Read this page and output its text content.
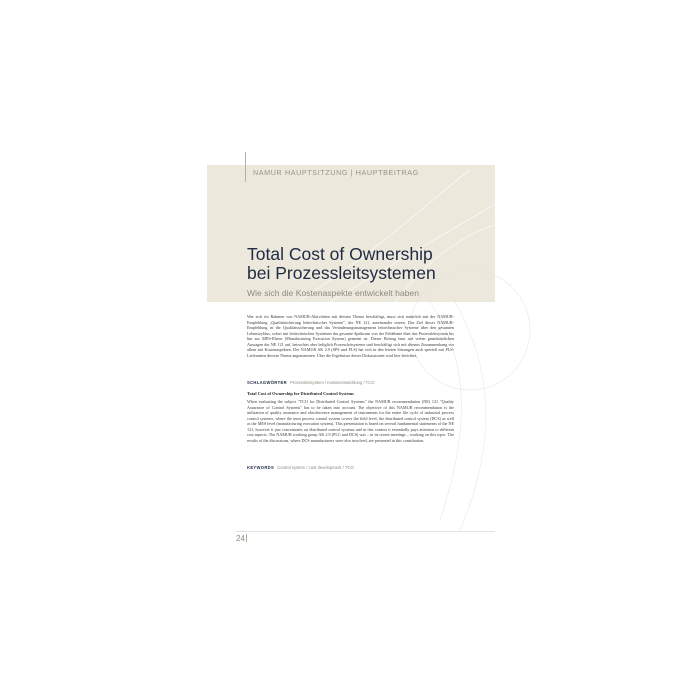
NAMUR HAUPTSITZUNG | HAUPTBEITRAG
Total Cost of Ownership
bei Prozessleitsystemen

Wie sich die Kostenaspekte entwickelt haben

Wer sich im Rahmen von NAMUR-Aktivitäten mit diesem Thema beschäftigt, muss sich natürlich mit der NAMUR-Empfehlung „Qualitätsicherung leittechnischer Systeme", der NE 121, auseinander setzen. Das Ziel dieser NAMUR-Empfehlung ist die Qualitätssicherung und das Veränderungsmanagement leittechnischer Systeme über den gesamten Lebenszyklus, sofort mit leittechnischen Systemen das gesamte Spektrum von der Feldebene über das Prozessleitsystem bis hin zur MES-Ebene (Manufacturing Execution System) gemeint ist. Dieser Beitrag baut auf vielen grundsätzlichen Aussagen der NE 121 auf, betrachtet aber lediglich Prozessleitsysteme und beschäftigt sich mit diesem Zusammenhang vor allem mit Kostenaspekten. Der NAMUR AK 2.9 (SPS und PLS) hat sich in den letzten Sitzungen auch speziell mit PLS-Lieferanten diesem Thema angenommen. Über die Ergebnisse dieser Diskussionen wird hier berichtet.

SCHLAGWÖRTER Prozessleitsystem / Kostenentwicklung / TCO
Total Cost of Ownership for Distributed Control Systems

When evaluating the subject "TCO for Distributed Control Systems" the NAMUR recommendation (NE) 121 "Quality Assurance of Control Systems" has to be taken into account. The objective of this NAMUR recommendation is the utilization of quality assurance and obsolescence management of instruments for the entire life cycle of industrial process control systems, where the term process control system covers the field level, the distributed control system (DCS) as well as the MES level (manufacturing execution system). This presentation is based on several fundamental statements of the NE 121, however it just concentrates on distributed control systems and in this context it essentially pays attention to different cost aspects. The NAMUR working group AK 2.9 (PLC and DCS) was – in its recent meetings – working on this topic. The results of the discussions, where DCS manufacturers were also involved, are presented in this contribution.

KEYWORDS Control system / cost development / TCO
24
